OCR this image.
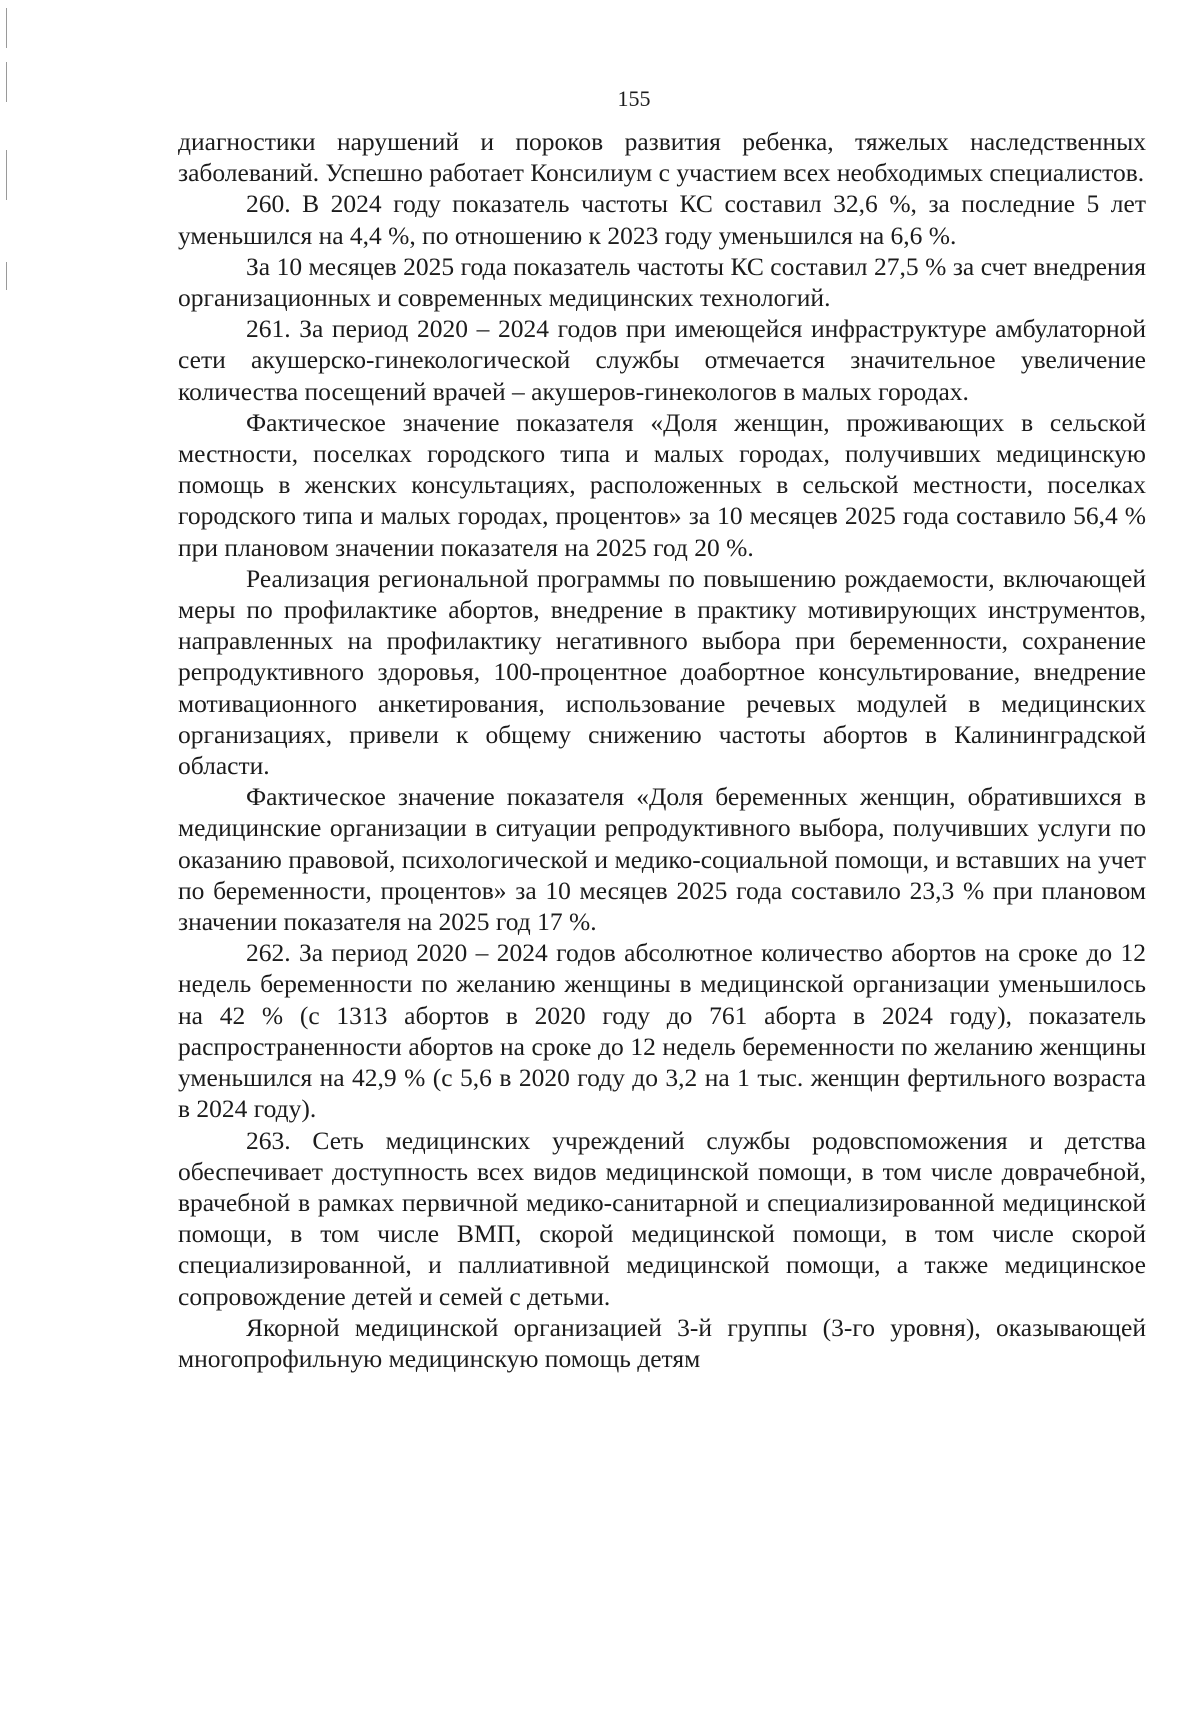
155

диагностики нарушений и пороков развития ребенка, тяжелых наследственных заболеваний. Успешно работает Консилиум с участием всех необходимых специалистов.

260. В 2024 году показатель частоты КС составил 32,6 %, за последние 5 лет уменьшился на 4,4 %, по отношению к 2023 году уменьшился на 6,6 %.

За 10 месяцев 2025 года показатель частоты КС составил 27,5 % за счет внедрения организационных и современных медицинских технологий.

261. За период 2020 – 2024 годов при имеющейся инфраструктуре амбулаторной сети акушерско-гинекологической службы отмечается значительное увеличение количества посещений врачей – акушеров-гинекологов в малых городах.

Фактическое значение показателя «Доля женщин, проживающих в сельской местности, поселках городского типа и малых городах, получивших медицинскую помощь в женских консультациях, расположенных в сельской местности, поселках городского типа и малых городах, процентов» за 10 месяцев 2025 года составило 56,4 % при плановом значении показателя на 2025 год 20 %.

Реализация региональной программы по повышению рождаемости, включающей меры по профилактике абортов, внедрение в практику мотивирующих инструментов, направленных на профилактику негативного выбора при беременности, сохранение репродуктивного здоровья, 100-процентное доабортное консультирование, внедрение мотивационного анкетирования, использование речевых модулей в медицинских организациях, привели к общему снижению частоты абортов в Калининградской области.

Фактическое значение показателя «Доля беременных женщин, обратившихся в медицинские организации в ситуации репродуктивного выбора, получивших услуги по оказанию правовой, психологической и медико-социальной помощи, и вставших на учет по беременности, процентов» за 10 месяцев 2025 года составило 23,3 % при плановом значении показателя на 2025 год 17 %.

262. За период 2020 – 2024 годов абсолютное количество абортов на сроке до 12 недель беременности по желанию женщины в медицинской организации уменьшилось на 42 % (с 1313 абортов в 2020 году до 761 аборта в 2024 году), показатель распространенности абортов на сроке до 12 недель беременности по желанию женщины уменьшился на 42,9 % (с 5,6 в 2020 году до 3,2 на 1 тыс. женщин фертильного возраста в 2024 году).

263. Сеть медицинских учреждений службы родовспоможения и детства обеспечивает доступность всех видов медицинской помощи, в том числе доврачебной, врачебной в рамках первичной медико-санитарной и специализированной медицинской помощи, в том числе ВМП, скорой медицинской помощи, в том числе скорой специализированной, и паллиативной медицинской помощи, а также медицинское сопровождение детей и семей с детьми.

Якорной медицинской организацией 3-й группы (3-го уровня), оказывающей многопрофильную медицинскую помощь детям
